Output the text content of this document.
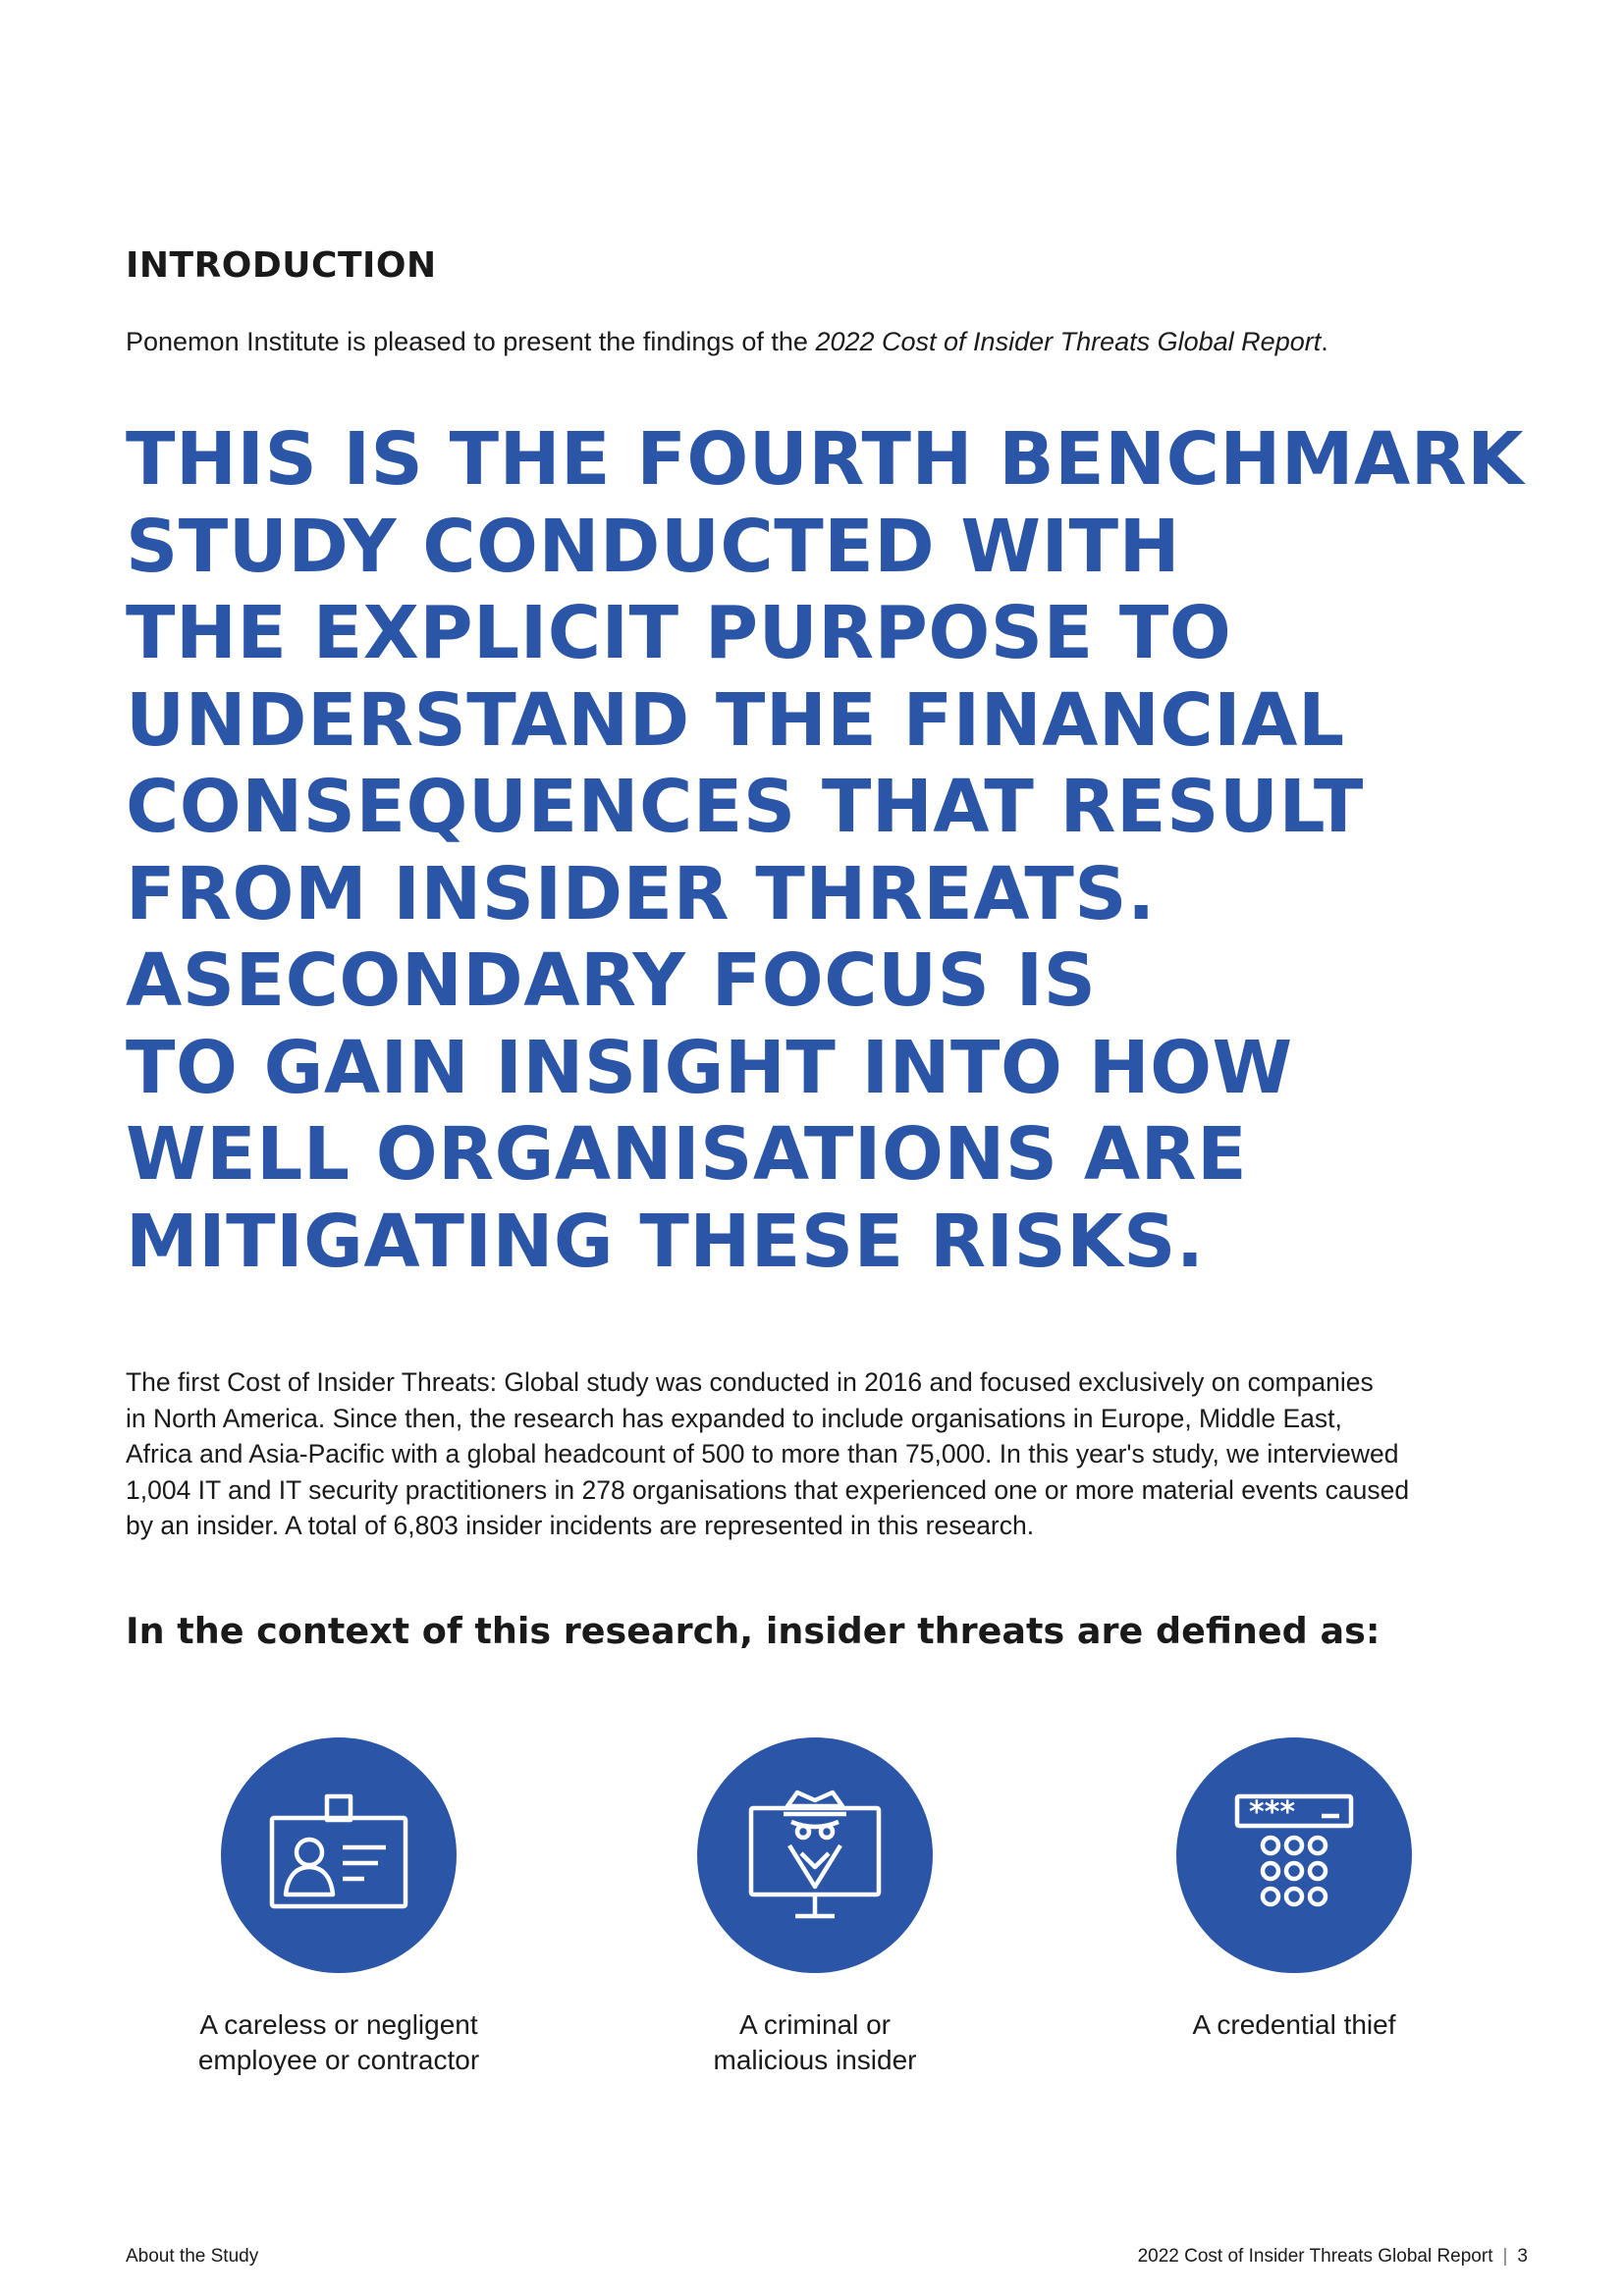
INTRODUCTION
Ponemon Institute is pleased to present the findings of the 2022 Cost of Insider Threats Global Report.
THIS IS THE FOURTH BENCHMARK
STUDY CONDUCTED WITH
THE EXPLICIT PURPOSE TO
UNDERSTAND THE FINANCIAL
CONSEQUENCES THAT RESULT
FROM INSIDER THREATS.
ASECONDARY FOCUS IS
TO GAIN INSIGHT INTO HOW
WELL ORGANISATIONS ARE
MITIGATING THESE RISKS.
The first Cost of Insider Threats: Global study was conducted in 2016 and focused exclusively on companies
in North America. Since then, the research has expanded to include organisations in Europe, Middle East,
Africa and Asia-Pacific with a global headcount of 500 to more than 75,000. In this year's study, we interviewed
1,004 IT and IT security practitioners in 278 organisations that experienced one or more material events caused
by an insider. A total of 6,803 insider incidents are represented in this research.
In the context of this research, insider threats are defined as:
***
A careless or negligent
employee or contractor
A criminal or
malicious insider
A credential thief
About the Study	2022 Cost of Insider Threats Global Report | 3
